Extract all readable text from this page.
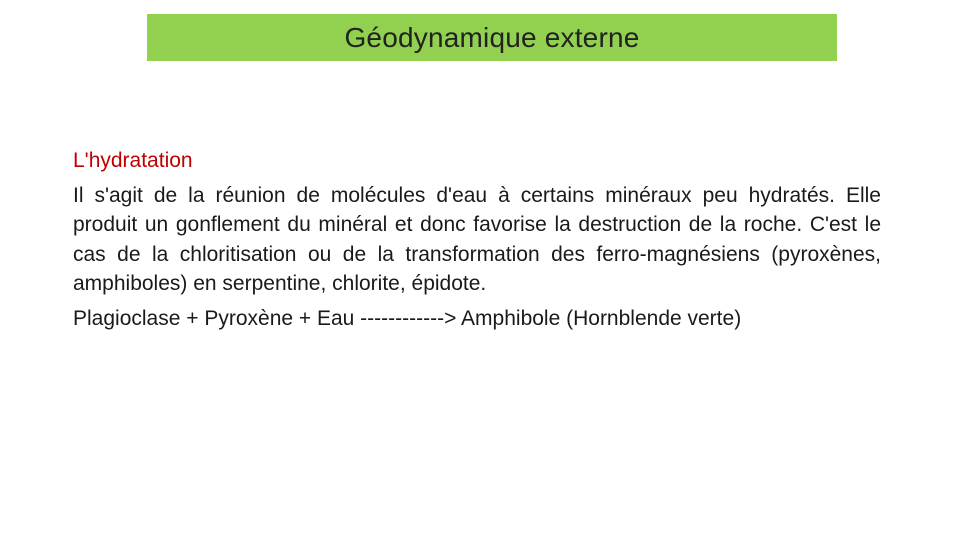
Géodynamique externe

L'hydratation

Il s'agit de la réunion de molécules d'eau à certains minéraux peu hydratés. Elle produit un gonflement du minéral et donc favorise la destruction de la roche. C'est le cas de la chloritisation ou de la transformation des ferro-magnésiens (pyroxènes, amphiboles) en serpentine, chlorite, épidote.

Plagioclase + Pyroxène + Eau ------------> Amphibole (Hornblende verte)
